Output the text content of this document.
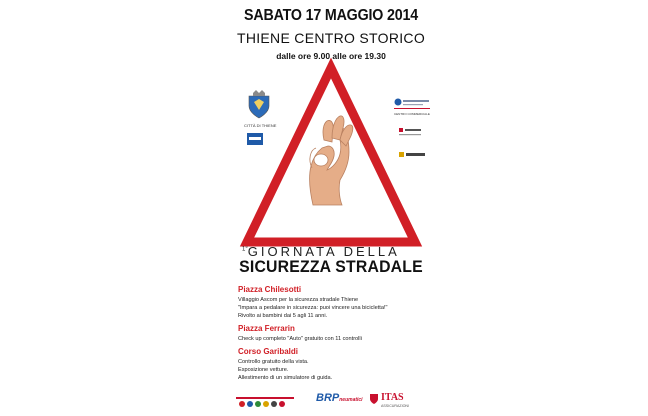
SABATO 17 MAGGIO 2014
THIENE CENTRO STORICO
dalle ore 9.00 alle ore 19.30
CITTÀ DI THIENE
CENTRO COMMERCIALE
$^{1^\circ}$GIORNATA DELLA
SICUREZZA STRADALE
Piazza Chilesotti
Villaggio Ascom per la sicurezza stradale Thiene
"Impara a pedalare in sicurezza: puoi vincere una bicicletta!"
Rivolto ai bambini dai 5 agli 11 anni.
Piazza Ferrarin
Check up completo "Auto" gratuito con 11 controlli
Corso Garibaldi
Controllo gratuito della vista.
Esposizione vetture.
Allestimento di un simulatore di guida.
BRPneumatici ITAS
ASSICURAZIONI
